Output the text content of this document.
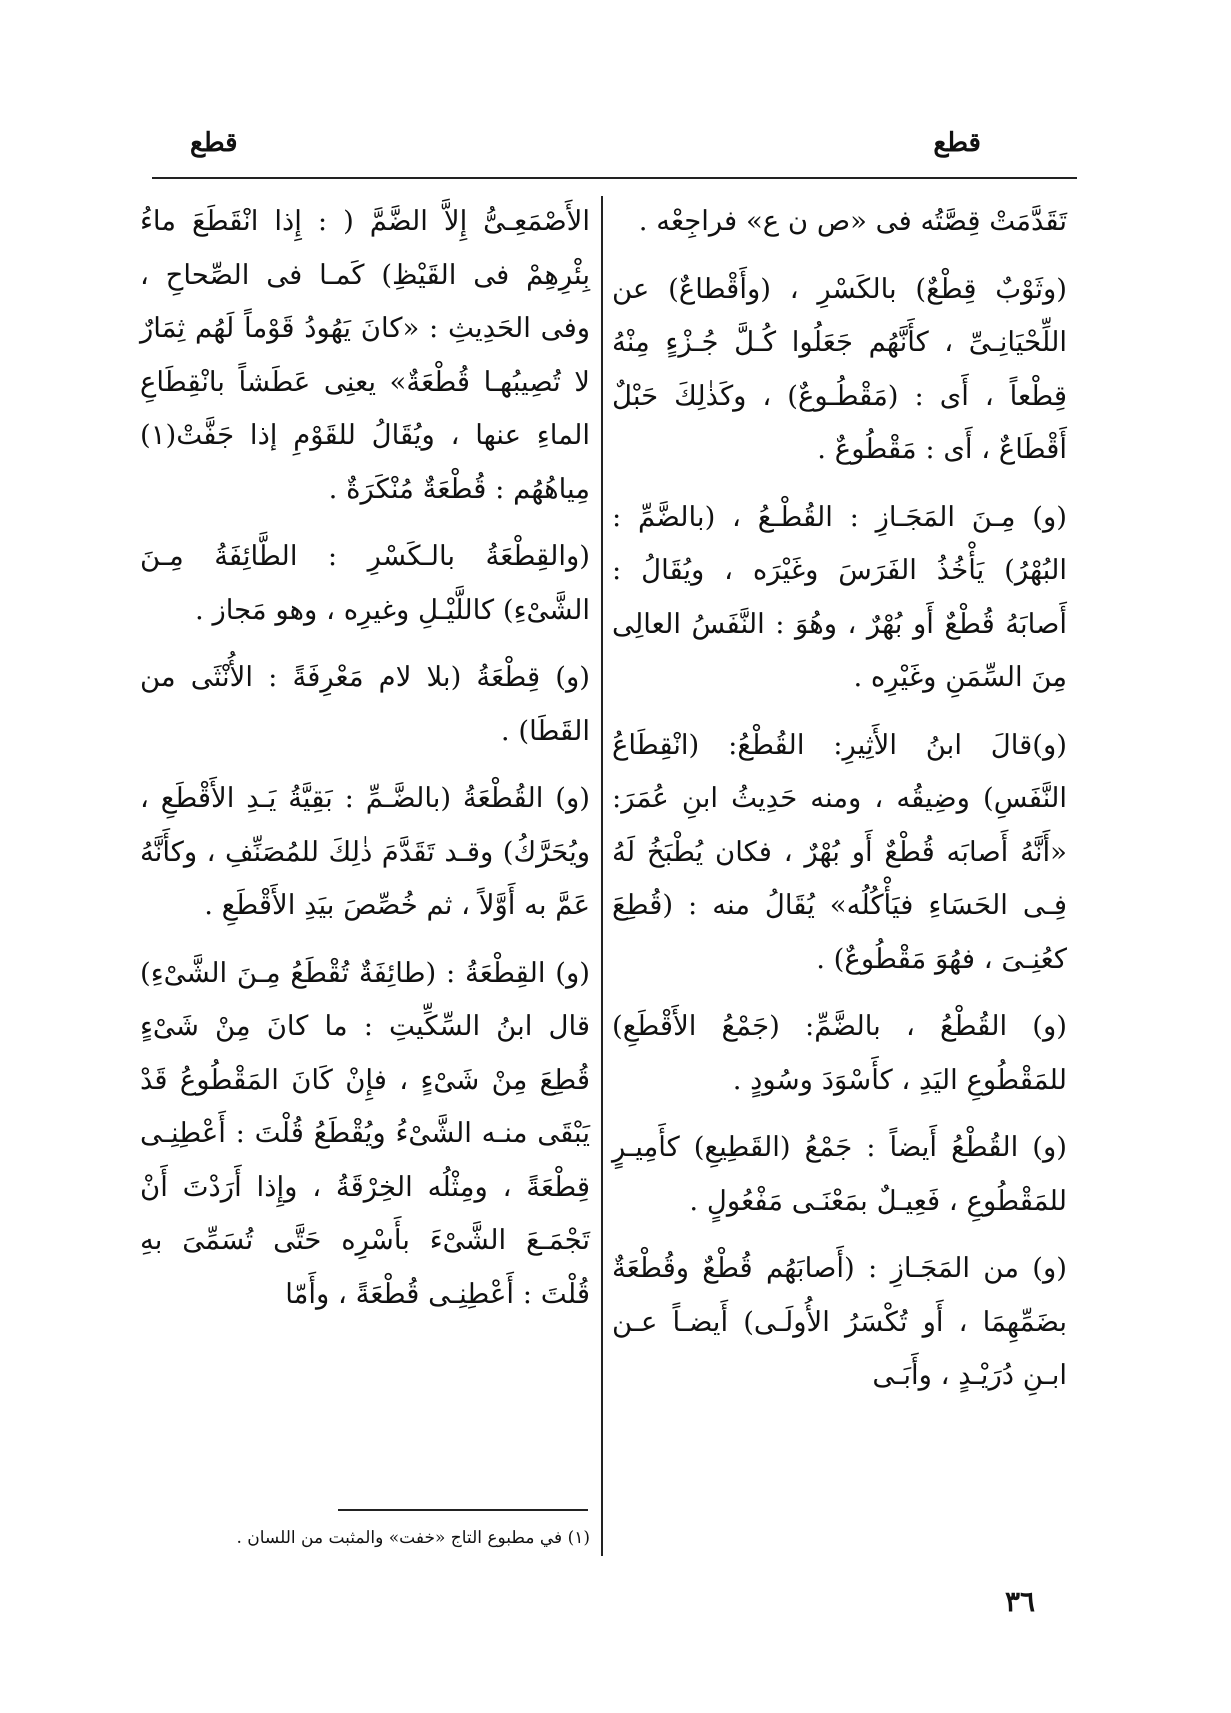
قطع
قطع

تَقَدَّمَتْ قِصَّتُه فى «ص ن ع» فراجِعْه .

(وثَوْبٌ قِطْعٌ) بالكَسْرِ ، (وأَقْطاعٌ) عن اللِّحْيَانِـىِّ ، كأَنَّهُم جَعَلُوا كُـلَّ جُـزْءٍ مِنْهُ قِطْعاً ، أَى : (مَقْطُـوعٌ) ، وكَذٰلِكَ حَبْلٌ أَقْطَاعٌ ، أَى : مَقْطُوعٌ .

(و) مِـنَ المَجَـازِ : القُطْـعُ ، (بالضَّمِّ : البُهْرُ) يَأْخُذُ الفَرَسَ وغَيْرَه ، ويُقَالُ : أَصابَهُ قُطْعٌ أَو بُهْرٌ ، وهُوَ : النَّفَسُ العالِى مِنَ السِّمَنِ وغَيْرِه .

(و)قالَ ابنُ الأَثِيرِ: القُطْعُ: (انْقِطَاعُ النَّفَسِ) وضِيقُه ، ومنه حَدِيثُ ابنِ عُمَرَ: «أَنَّهُ أَصابَه قُطْعٌ أَو بُهْرٌ ، فكان يُطْبَخُ لَهُ فِـى الحَسَاءِ فيَأْكُلُه» يُقَالُ منه : (قُطِعَ كعُنِـىَ ، فهُوَ مَقْطُوعٌ) .

(و) القُطْعُ ، بالضَّمِّ: (جَمْعُ الأَقْطَعِ) للمَقْطُوعِ اليَدِ ، كأَسْوَدَ وسُودٍ .

(و) القُطْعُ أَيضاً : جَمْعُ (القَطِيعِ) كأَمِيـرٍ للمَقْطُوعِ ، فَعِيـلٌ بمَعْنَـى مَفْعُولٍ .

(و) من المَجَـازِ : (أَصابَهُم قُطْعٌ وقُطْعَةٌ بضَمِّهِمَا ، أَو تُكْسَرُ الأُولَـى) أَيضـاً عـن ابـنِ دُرَيْـدٍ ، وأَبَـى

الأَصْمَعِـىُّ إِلاَّ الضَّمَّ ( : إِذا انْقَطَعَ ماءُ بِئْرِهِمْ فى القَيْظِ) كَمـا فى الصِّحاحِ ، وفى الحَدِيثِ : «كانَ يَهُودُ قَوْماً لَهُم ثِمَارٌ لا تُصِيبُهـا قُطْعَةٌ» يعنِى عَطَشاً بانْقِطَاعِ الماءِ عنها ، ويُقَالُ للقَوْمِ إذا جَفَّتْ(١) مِياهُهُم : قُطْعَةٌ مُنْكَرَةٌ .

(والقِطْعَةُ بالـكَسْرِ : الطَّائِفَةُ مِـنَ الشَّىْءِ) كاللَّيْـلِ وغيرِه ، وهو مَجاز .

(و) قِطْعَةُ (بلا لام مَعْرِفَةً : الأُنْثَى من القَطَا) .

(و) القُطْعَةُ (بالضَّـمِّ : بَقِيَّةُ يَـدِ الأَقْطَعِ ، ويُحَرَّكُ) وقـد تَقَدَّمَ ذٰلِكَ للمُصَنِّفِ ، وكأَنَّهُ عَمَّ به أَوَّلاً ، ثم خُصِّصَ بيَدِ الأَقْطَعِ .

(و) القِطْعَةُ : (طائِفَةٌ تُقْطَعُ مِـنَ الشَّىْءِ) قال ابنُ السِّكِّيتِ : ما كانَ مِنْ شَىْءٍ قُطِعَ مِنْ شَىْءٍ ، فإِنْ كَانَ المَقْطُوعُ قَدْ يَبْقَى منـه الشَّىْءُ ويُقْطَعُ قُلْتَ : أَعْطِنِـى قِطْعَةً ، ومِثْلُه الخِرْقَةُ ، وإِذا أَرَدْتَ أَنْ تَجْمَـعَ الشَّىْءَ بأَسْرِه حَتَّى تُسَمِّىَ بهِ قُلْتَ : أَعْطِنِـى قُطْعَةً ، وأَمّا

(١) في مطبوع التاج «خفت» والمثبت من اللسان .
٣٦
